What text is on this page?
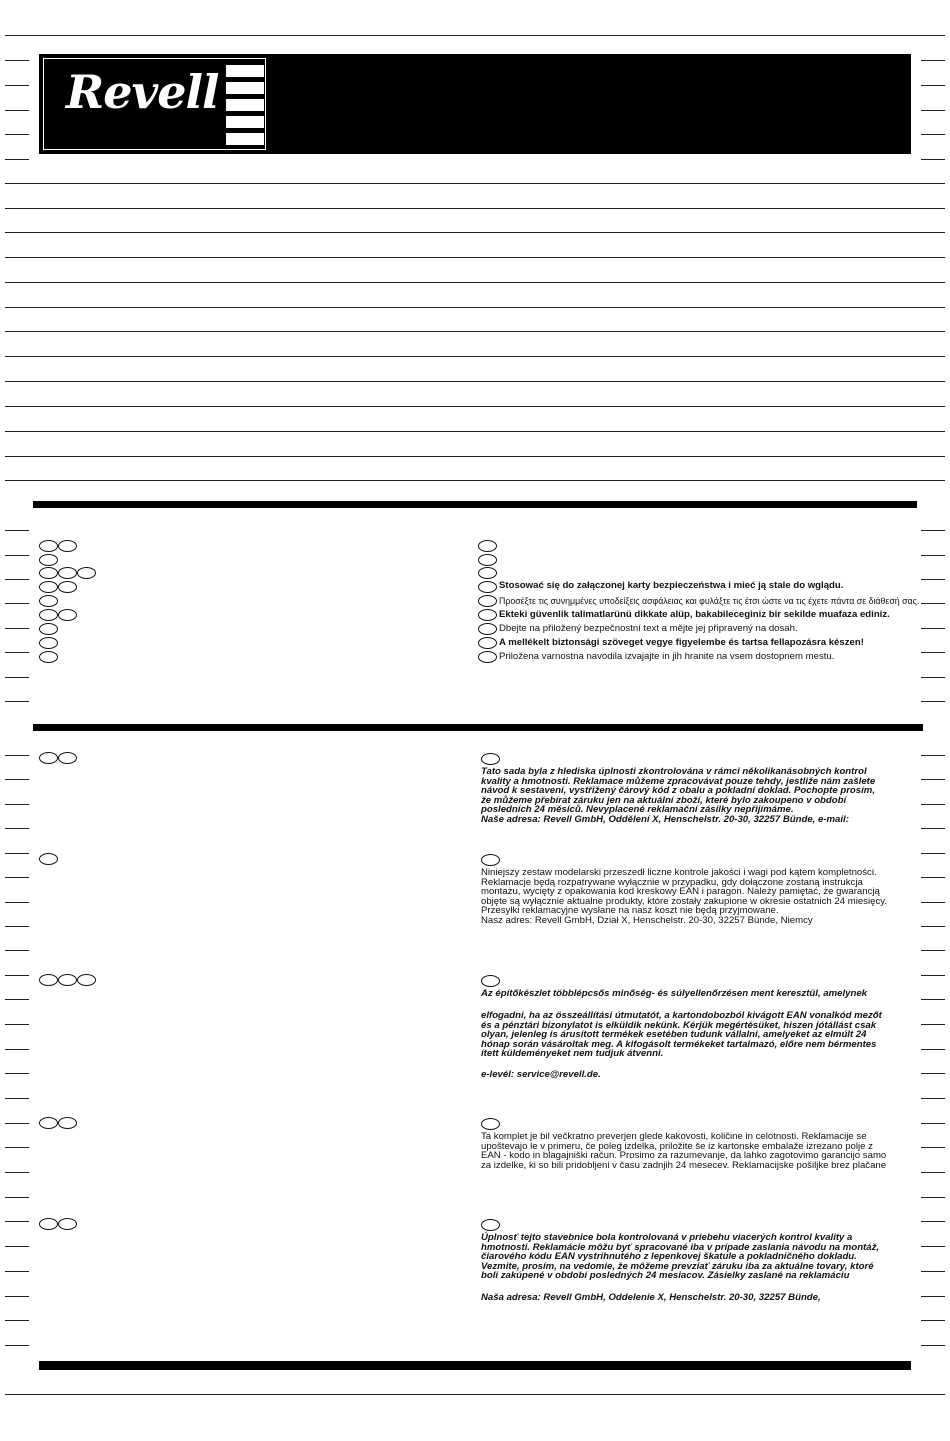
Revell
Stosować się do załączonej karty bezpieczeństwa i mieć ją stale do wglądu.
Προσέξτε τις συνημμένες υποδείξεις ασφάλειας και φυλάξτε τις έτσι ώστε να τις έχετε πάντα σε διάθεσή σας.
Ekteki güvenlik talimatlarünü dikkate alüp, bakabileceginiz bir sekilde muafaza ediniz.
Dbejte na přiložený bezpečnostní text a mějte jej připravený na dosah.
A mellékelt biztonsági szöveget vegye figyelembe és tartsa fellapozásra készen!
Priložena varnostna navodila izvajajte in jih hranite na vsem dostopnem mestu.

Tato sada byla z hlediska úplnosti zkontrolována v rámci několikanásobných kontrol

kvality a hmotnosti. Reklamace můžeme zpracovávat pouze tehdy, jestliže nám zašlete

návod k sestavení, vystřižený čárový kód z obalu a pokladní doklad. Pochopte prosím,

že můžeme přebírat záruku jen na aktuální zboží, které bylo zakoupeno v období

posledních 24 měsíců. Nevyplacené reklamační zásilky nepřijímáme.

Naše adresa: Revell GmbH, Oddělení X, Henschelstr. 20-30, 32257 Bünde, e-mail:

Niniejszy zestaw modelarski przeszedł liczne kontrole jakości i wagi pod kątem kompletności.

Reklamacje będą rozpatrywane wyłącznie w przypadku, gdy dołączone zostaną instrukcja

montażu, wycięty z opakowania kod kreskowy EAN i paragon. Należy pamiętać, że gwarancją

objęte są wyłącznie aktualne produkty, które zostały zakupione w okresie ostatnich 24 miesięcy.

Przesyłki reklamacyjne wysłane na nasz koszt nie będą przyjmowane.

Nasz adres: Revell GmbH, Dział X, Henschelstr. 20-30, 32257 Bünde, Niemcy

Az építőkészlet többlépcsős minőség- és súlyellenőrzésen ment keresztül, amelynek

elfogadni, ha az összeállítási útmutatót, a kartondobozból kivágott EAN vonalkód mezőt

és a pénztári bizonylatot is elküldik nekünk. Kérjük megértésüket, hiszen jótállást csak

olyan, jelenleg is árusított termékek esetében tudunk vállalni, amelyeket az elmúlt 24

hónap során vásároltak meg. A kifogásolt termékeket tartalmazó, előre nem bérmentes

ített küldeményeket nem tudjuk átvenni.

e-levél: service@revell.de.

Ta komplet je bil večkratno preverjen glede kakovosti, količine in celotnosti. Reklamacije se

upoštevajo le v primeru, če poleg izdelka, priložite še iz kartonske embalaže izrezano polje z

EAN - kodo in blagajniški račun. Prosimo za razumevanje, da lahko zagotovimo garancijo samo

za izdelke, ki so bili pridobljeni v času zadnjih 24 mesecev. Reklamacijske pošiljke brez plačane

Úplnosť tejto stavebnice bola kontrolovaná v priebehu viacerých kontrol kvality a

hmotnosti. Reklamácie môžu byť spracované iba v prípade zaslania návodu na montáž,

čiarového kódu EAN vystrihnutého z lepenkovej škatule a pokladničného dokladu.

Vezmite, prosím, na vedomie, že môžeme prevziať záruku iba za aktuálne tovary, ktoré

boli zakúpené v období posledných 24 mesiacov. Zásielky zaslané na reklamáciu

Naša adresa: Revell GmbH, Oddelenie X, Henschelstr. 20-30, 32257 Bünde,
